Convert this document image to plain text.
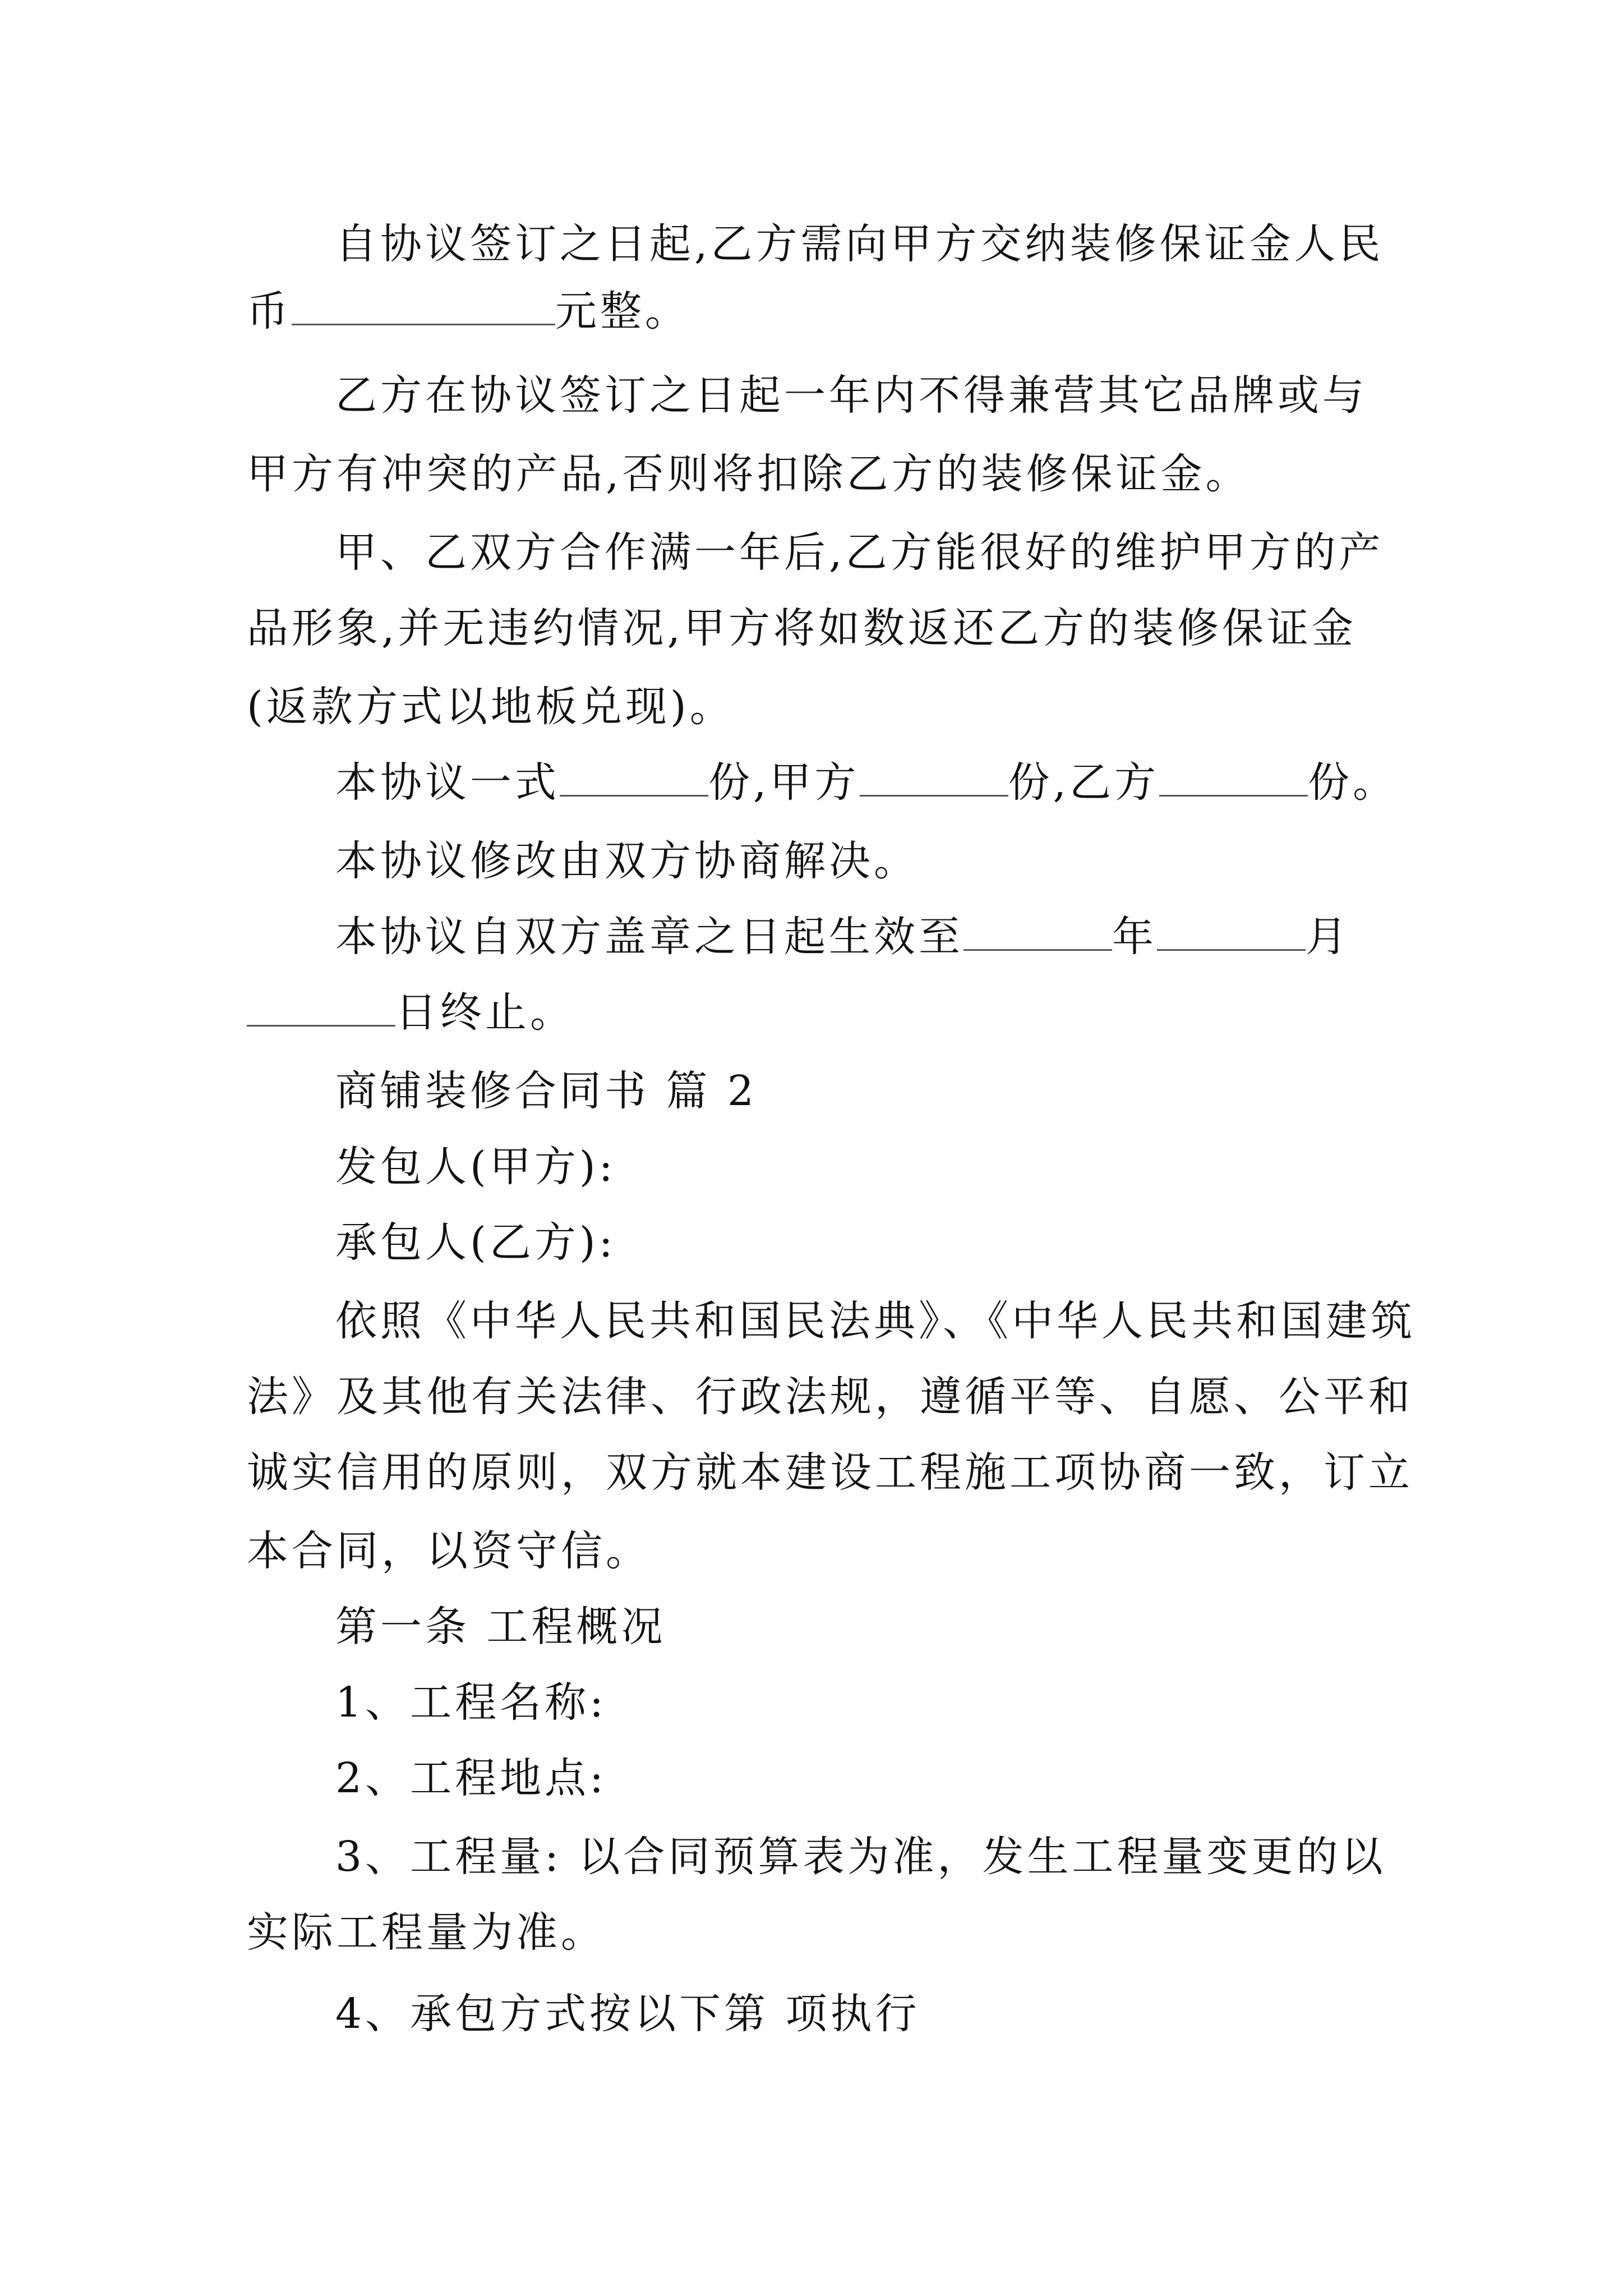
自协议签订之日起,乙方需向甲方交纳装修保证金人民
币	元整。
乙方在协议签订之日起一年内不得兼营其它品牌或与
甲方有冲突的产品,否则将扣除乙方的装修保证金。
甲、乙双方合作满一年后,乙方能很好的维护甲方的产
品形象,并无违约情况,甲方将如数返还乙方的装修保证金
(返款方式以地板兑现)。
本协议一式	份,甲方	份,乙方	份。
本协议修改由双方协商解决。
本协议自双方盖章之日起生效至	年	月
日终止。
商铺装修合同书 篇 2
发包人(甲方):
承包人(乙方):
依照《中华人民共和国民法典》、《中华人民共和国建筑
法》及其他有关法律、行政法规，遵循平等、自愿、公平和
诚实信用的原则，双方就本建设工程施工项协商一致，订立
本合同，以资守信。
第一条 工程概况
1、工程名称:
2、工程地点:
3、工程量: 以合同预算表为准，发生工程量变更的以
实际工程量为准。
4、承包方式按以下第 项执行
